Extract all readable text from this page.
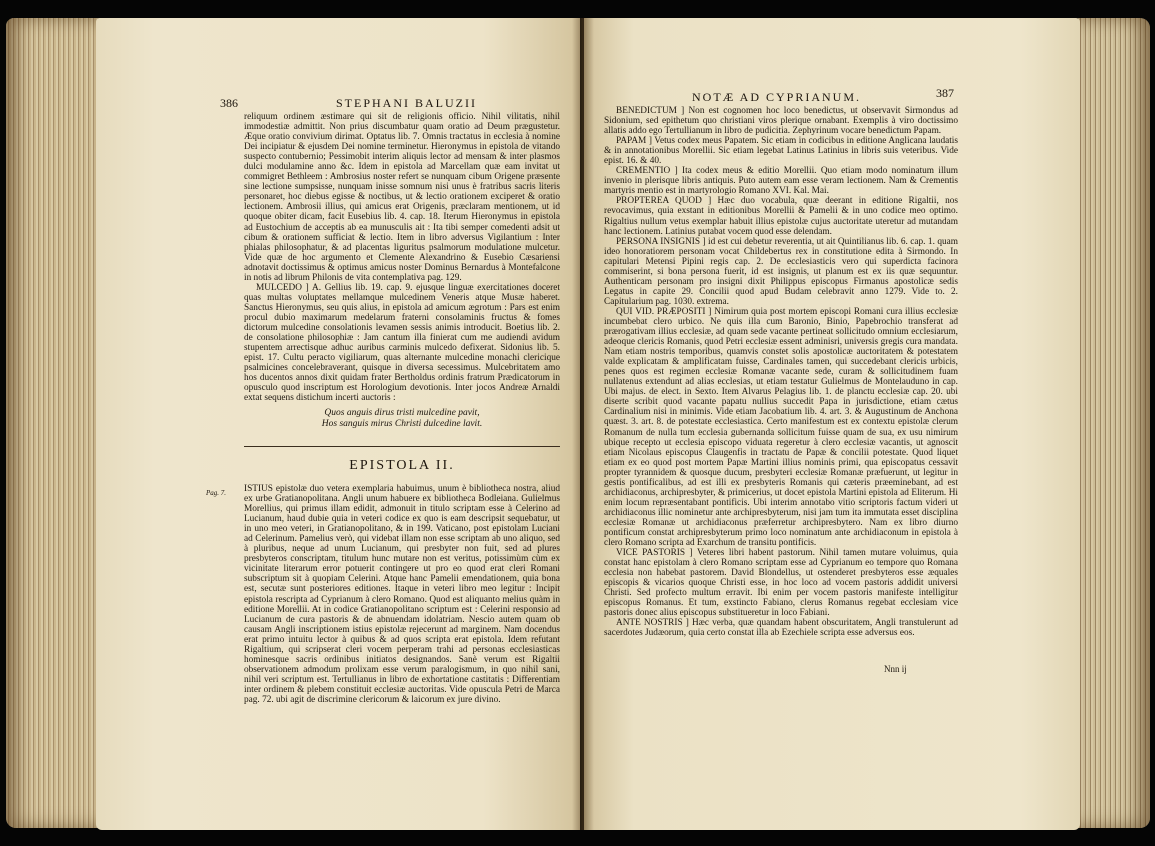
386	STEPHANI BALUZII

reliquum ordinem æstimare qui sit de religionis officio. Nihil vilitatis, nihil immodestiæ admittit. Non prius discumbatur quam oratio ad Deum prægustetur. Æque oratio convivium dirimat. Optatus lib. 7. Omnis tractatus in ecclesia à nomine Dei incipiatur & ejusdem Dei nomine terminetur. Hieronymus in epistola de vitando suspecto contubernio; Pessimobit interim aliquis lector ad mensam & inter plasmos dulci modulamine anno &c. Idem in epistola ad Marcellam quæ eam invitat ut commigret Bethleem : Ambrosius noster refert se nunquam cibum Origene præsente sine lectione sumpsisse, nunquam inisse somnum nisi unus è fratribus sacris literis personaret, hoc diebus egisse & noctibus, ut & lectio orationem exciperet & oratio lectionem. Ambrosii illius, qui amicus erat Origenis, præclaram mentionem, ut id quoque obiter dicam, facit Eusebius lib. 4. cap. 18. Iterum Hieronymus in epistola ad Eustochium de acceptis ab ea munusculis ait : Ita tibi semper comedenti adsit ut cibum & orationem sufficiat & lectio. Item in libro adversus Vigilantium : Inter phialas philosophatur, & ad placentas liguritus psalmorum modulatione mulcetur. Vide quæ de hoc argumento et Clemente Alexandrino & Eusebio Cæsariensi adnotavit doctissimus & optimus amicus noster Dominus Bernardus à Montefalcone in notis ad librum Philonis de vita contemplativa pag. 129.

MULCEDO ] A. Gellius lib. 19. cap. 9. ejusque linguæ exercitationes doceret quas multas voluptates mellamque mulcedinem Veneris atque Musæ haberet. Sanctus Hieronymus, seu quis alius, in epistola ad amicum ægrotum : Pars est enim procul dubio maximarum medelarum fraterni consolaminis fructus & fomes dictorum mulcedine consolationis levamen sessis animis introducit. Boetius lib. 2. de consolatione philosophiæ : Jam cantum illa finierat cum me audiendi avidum stupentem arrectisque adhuc auribus carminis mulcedo defixerat. Sidonius lib. 5. epist. 17. Cultu peracto vigiliarum, quas alternante mulcedine monachi clericique psalmicines concelebraverant, quisque in diversa secessimus. Mulcebritatem amo hos ducentos annos dixit quidam frater Bertholdus ordinis fratrum Prædicatorum in opusculo quod inscriptum est Horologium devotionis. Inter jocos Andreæ Arnaldi extat sequens distichum incerti auctoris :

Quos anguis dirus tristi mulcedine pavit,
Hos sanguis mirus Christi dulcedine lavit.
EPISTOLA II.
Pag. 7. ISTIUS epistolæ duo vetera exemplaria habuimus, unum è bibliotheca nostra, aliud ex urbe Gratianopolitana. Angli unum habuere ex bibliotheca Bodleiana. Gulielmus Morellius, qui primus illam edidit, admonuit in titulo scriptam esse à Celerino ad Lucianum, haud dubie quia in veteri codice ex quo is eam descripsit sequebatur, ut in uno meo veteri, in Gratianopolitano, & in 199. Vaticano, post epistolam Luciani ad Celerinum. Pamelius verò, qui videbat illam non esse scriptam ab uno aliquo, sed à pluribus, neque ad unum Lucianum, qui presbyter non fuit, sed ad plures presbyteros conscriptam, titulum hunc mutare non est veritus, potissimùm cùm ex vicinitate literarum error potuerit contingere ut pro eo quod erat cleri Romani subscriptum sit à quopiam Celerini. Atque hanc Pamelii emendationem, quia bona est, secutæ sunt posteriores editiones. Itaque in veteri libro meo legitur : Incipit epistola rescripta ad Cyprianum à clero Romano. Quod est aliquanto melius quàm in editione Morellii. At in codice Gratianopolitano scriptum est : Celerini responsio ad Lucianum de cura pastoris & de abnuendam idolatriam. Nescio autem quam ob causam Angli inscriptionem istius epistolæ rejecerunt ad marginem. Nam docendus erat primo intuitu lector à quibus & ad quos scripta erat epistola. Idem refutant Rigaltium, qui scripserat cleri vocem perperam trahi ad personas ecclesiasticas hominesque sacris ordinibus initiatos designandos. Sanè verum est Rigaltii observationem admodum prolixam esse verum paralogismum, in quo nihil sani, nihil veri scriptum est. Tertullianus in libro de exhortatione castitatis : Differentiam inter ordinem & plebem constituit ecclesiæ auctoritas. Vide opuscula Petri de Marca pag. 72. ubi agit de discrimine clericorum & laicorum ex jure divino.

NOTÆ AD CYPRIANUM.	387

BENEDICTUM ] Non est cognomen hoc loco benedictus, ut observavit Sirmondus ad Sidonium, sed epithetum quo christiani viros plerique ornabant. Exemplis à viro doctissimo allatis addo ego Tertullianum in libro de pudicitia. Zephyrinum vocare benedictum Papam.

PAPAM ] Vetus codex meus Papatem. Sic etiam in codicibus in editione Anglicana laudatis & in annotationibus Morellii. Sic etiam legebat Latinus Latinius in libris suis veteribus. Vide epist. 16. & 40.

CREMENTIO ] Ita codex meus & editio Morellii. Quo etiam modo nominatum illum invenio in plerisque libris antiquis. Puto autem eam esse veram lectionem. Nam & Crementis martyris mentio est in martyrologio Romano XVI. Kal. Mai.

PROPTEREA QUOD ] Hæc duo vocabula, quæ deerant in editione Rigaltii, nos revocavimus, quia exstant in editionibus Morellii & Pamelii & in uno codice meo optimo. Rigaltius nullum vetus exemplar habuit illius epistolæ cujus auctoritate uteretur ad mutandam hanc lectionem. Latinius putabat vocem quod esse delendam.

PERSONA INSIGNIS ] id est cui debetur reverentia, ut ait Quintilianus lib. 6. cap. 1. quam ideo honoratiorem personam vocat Childebertus rex in constitutione edita à Sirmondo. In capitulari Metensi Pipini regis cap. 2. De ecclesiasticis vero qui superdicta facinora commiserint, si bona persona fuerit, id est insignis, ut planum est ex iis quæ sequuntur. Authenticam personam pro insigni dixit Philippus episcopus Firmanus apostolicæ sedis Legatus in capite 29. Concilii quod apud Budam celebravit anno 1279. Vide to. 2. Capitularium pag. 1030. extrema.

QUI VID. PRÆPOSITI ] Nimirum quia post mortem episcopi Romani cura illius ecclesiæ incumbebat clero urbico. Ne quis illa cum Baronio, Binio, Papebrochio transferat ad prærogativam illius ecclesiæ, ad quam sede vacante pertineat sollicitudo omnium ecclesiarum, adeoque clericis Romanis, quod Petri ecclesiæ essent adminisri, universis gregis cura mandata. Nam etiam nostris temporibus, quamvis constet solis apostolicæ auctoritatem & potestatem valde explicatam & amplificatam fuisse, Cardinales tamen, qui succedebant clericis urbicis, penes quos est regimen ecclesiæ Romanæ vacante sede, curam & sollicitudinem fuam nullatenus extendunt ad alias ecclesias, ut etiam testatur Gulielmus de Montelauduno in cap. Ubi majus. de elect. in Sexto. Item Alvarus Pelagius lib. 1. de planctu ecclesiæ cap. 20. ubi diserte scribit quod vacante papatu nullius succedit Papa in jurisdictione, etiam cætus Cardinalium nisi in minimis. Vide etiam Jacobatium lib. 4. art. 3. & Augustinum de Anchona quæst. 3. art. 8. de potestate ecclesiastica. Certo manifestum est ex contextu epistolæ clerum Romanum de nulla tum ecclesia gubernanda sollicitum fuisse quam de sua, ex usu nimirum ubique recepto ut ecclesia episcopo viduata regeretur à clero ecclesiæ vacantis, ut agnoscit etiam Nicolaus episcopus Claugenfis in tractatu de Papæ & concilii potestate. Quod liquet etiam ex eo quod post mortem Papæ Martini illius nominis primi, qua episcopatus cessavit propter tyrannidem & quosque ducum, presbyteri ecclesiæ Romanæ præfuerunt, ut legitur in gestis pontificalibus, ad est illi ex presbyteris Romanis qui cæteris præeminebant, ad est archidiaconus, archipresbyter, & primicerius, ut docet epistola Martini epistola ad Eliterum. Hi enim locum repræsentabant pontificis. Ubi interim annotabo vitio scriptoris factum videri ut archidiaconus illic nominetur ante archipresbyterum, nisi jam tum ita immutata esset disciplina ecclesiæ Romanæ ut archidiaconus præferretur archipresbytero. Nam ex libro diurno pontificum constat archipresbyterum primo loco nominatum ante archidiaconum in epistola à clero Romano scripta ad Exarchum de transitu pontificis.

VICE PASTORIS ] Veteres libri habent pastorum. Nihil tamen mutare voluimus, quia constat hanc epistolam à clero Romano scriptam esse ad Cyprianum eo tempore quo Romana ecclesia non habebat pastorem. David Blondellus, ut ostenderet presbyteros esse æquales episcopis & vicarios quoque Christi esse, in hoc loco ad vocem pastoris addidit universi Christi. Sed profecto multum erravit. Ibi enim per vocem pastoris manifeste intelligitur episcopus Romanus. Et tum, exstincto Fabiano, clerus Romanus regebat ecclesiam vice pastoris donec alius episcopus substitueretur in loco Fabiani.

ANTE NOSTRIS ] Hæc verba, quæ quandam habent obscuritatem, Angli transtulerunt ad sacerdotes Judæorum, quia certo constat illa ab Ezechiele scripta esse adversus eos.

Nnn ij
